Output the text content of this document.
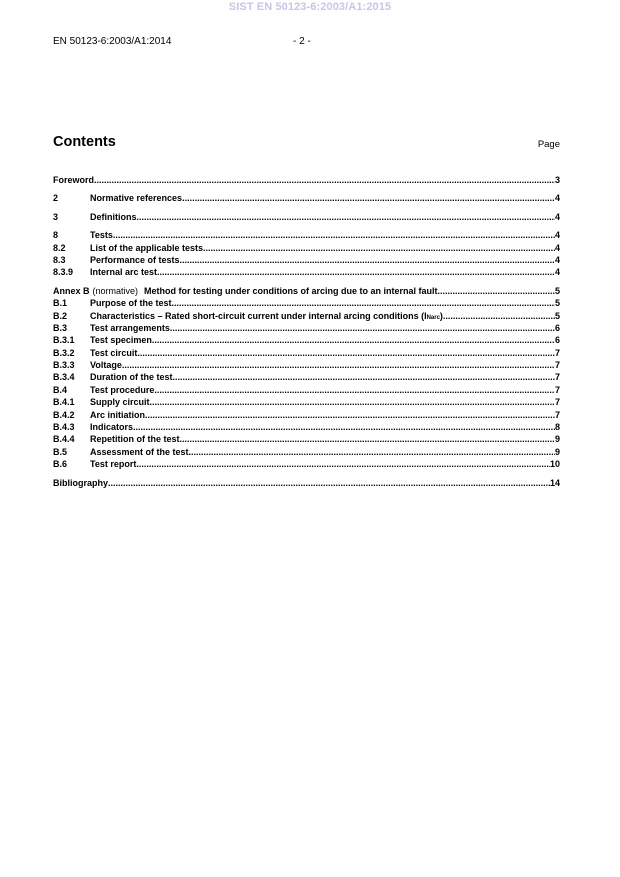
SIST EN 50123-6:2003/A1:2015
EN 50123-6:2003/A1:2014	- 2 -
Contents	Page
Foreword .....	3
2	Normative references .....	4
3	Definitions .....	4
8	Tests .....	4
8.2	List of the applicable tests .....	4
8.3	Performance of tests .....	4
8.3.9	Internal arc test .....	4
Annex B (normative) Method for testing under conditions of arcing due to an internal fault .....	5
B.1	Purpose of the test .....	5
B.2	Characteristics – Rated short-circuit current under internal arcing conditions (I Narc ) .....	5
B.3	Test arrangements .....	6
B.3.1	Test specimen .....	6
B.3.2	Test circuit .....	7
B.3.3	Voltage .....	7
B.3.4	Duration of the test .....	7
B.4	Test procedure .....	7
B.4.1	Supply circuit .....	7
B.4.2	Arc initiation .....	7
B.4.3	Indicators .....	8
B.4.4	Repetition of the test .....	9
B.5	Assessment of the test .....	9
B.6	Test report .....	10
Bibliography .....	14
